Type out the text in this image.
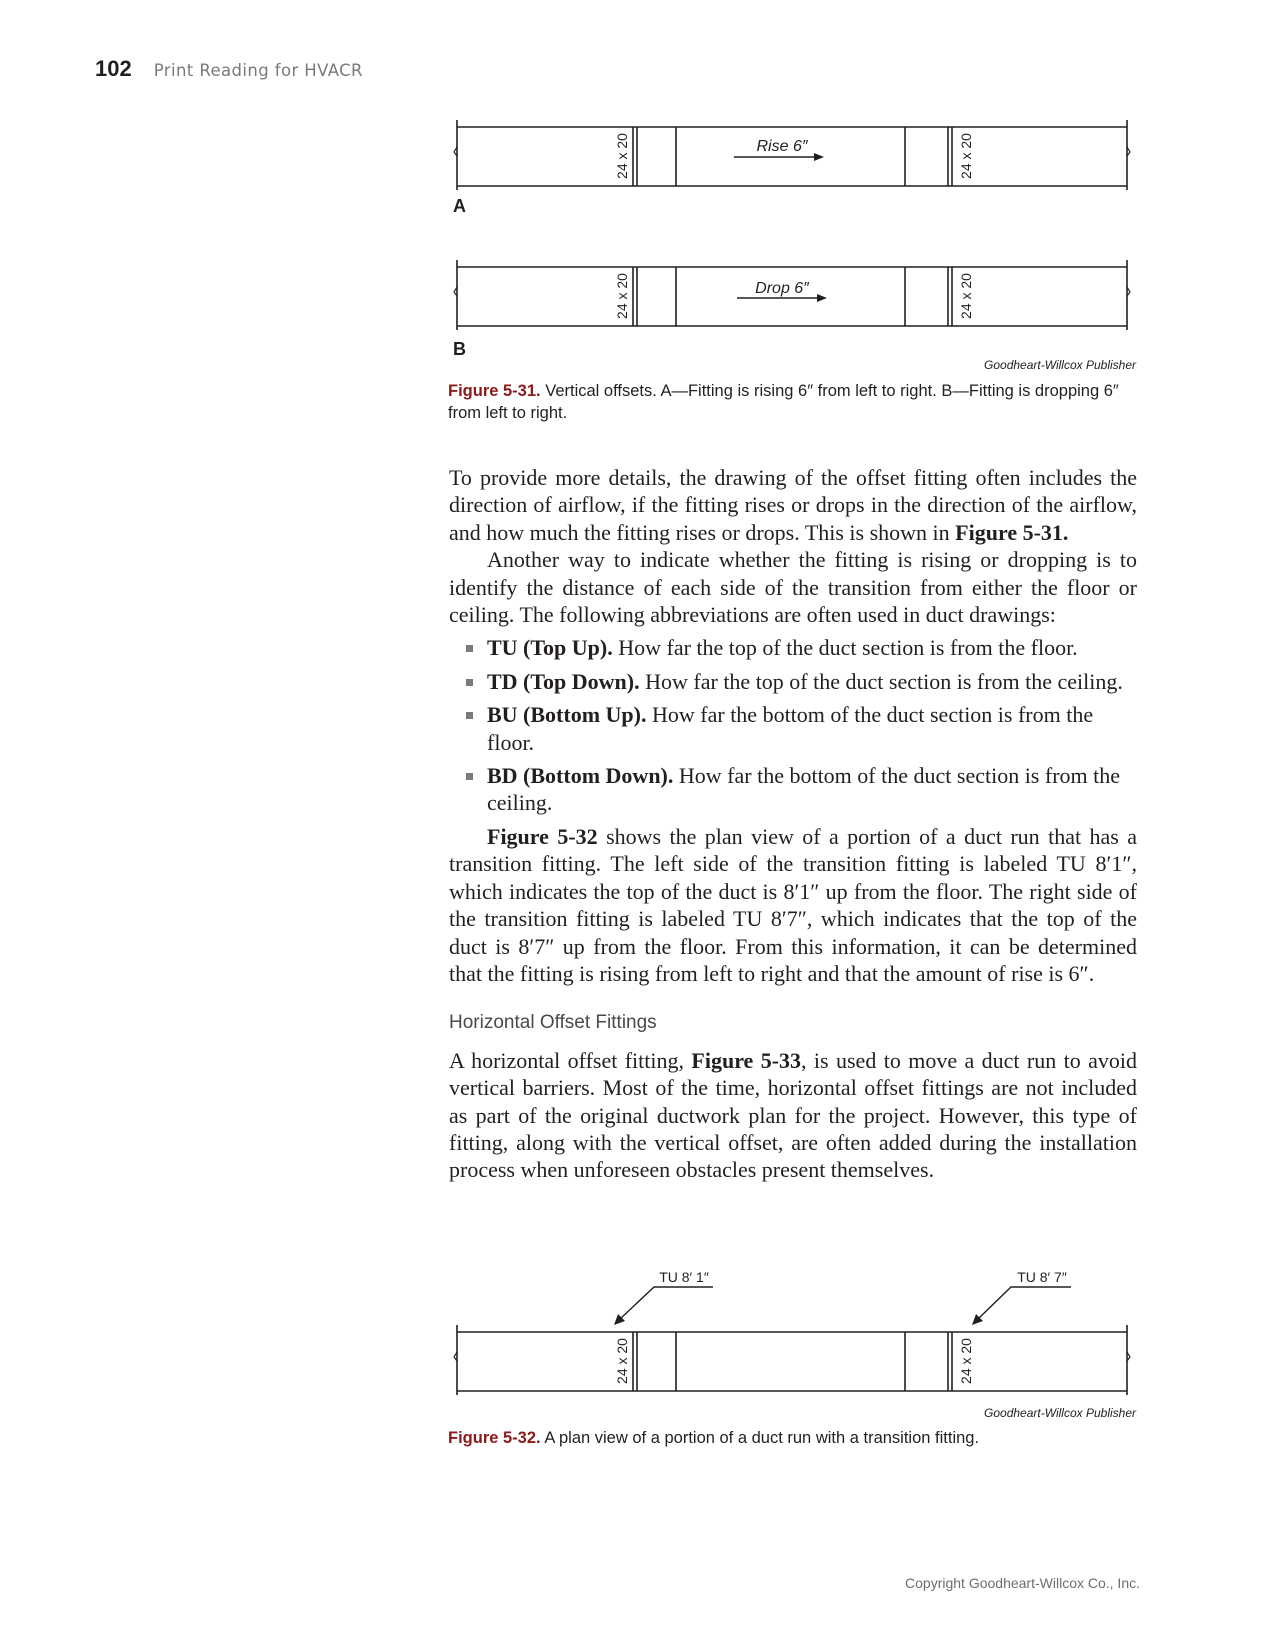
102 Print Reading for HVACR
Rise 6″
24 x 20	24 x 20
A
Drop 6″
24 x 20	24 x 20
B
Goodheart-Willcox Publisher
Figure 5-31. Vertical offsets. A—Fitting is rising 6″ from left to right. B—Fitting is dropping 6″ from left to right.

To provide more details, the drawing of the offset fitting often includes the direction of airflow, if the fitting rises or drops in the direction of the airflow, and how much the fitting rises or drops. This is shown in Figure 5-31.

Another way to indicate whether the fitting is rising or dropping is to identify the distance of each side of the transition from either the floor or ceiling. The following abbreviations are often used in duct drawings:

TU (Top Up). How far the top of the duct section is from the floor.
TD (Top Down). How far the top of the duct section is from the ceiling.
BU (Bottom Up). How far the bottom of the duct section is from the floor.
BD (Bottom Down). How far the bottom of the duct section is from the ceiling.

Figure 5-32 shows the plan view of a portion of a duct run that has a transition fitting. The left side of the transition fitting is labeled TU 8′1″, which indicates the top of the duct is 8′1″ up from the floor. The right side of the transition fitting is labeled TU 8′7″, which indicates that the top of the duct is 8′7″ up from the floor. From this information, it can be determined that the fitting is rising from left to right and that the amount of rise is 6″.

Horizontal Offset Fittings

A horizontal offset fitting, Figure 5-33, is used to move a duct run to avoid vertical barriers. Most of the time, horizontal offset fittings are not included as part of the original ductwork plan for the project. However, this type of fitting, along with the vertical offset, are often added during the installation process when unforeseen obstacles present themselves.

TU 8′ 1″	TU 8′ 7″
24 x 20	24 x 20
Goodheart-Willcox Publisher
Figure 5-32. A plan view of a portion of a duct run with a transition fitting.
Copyright Goodheart-Willcox Co., Inc.
